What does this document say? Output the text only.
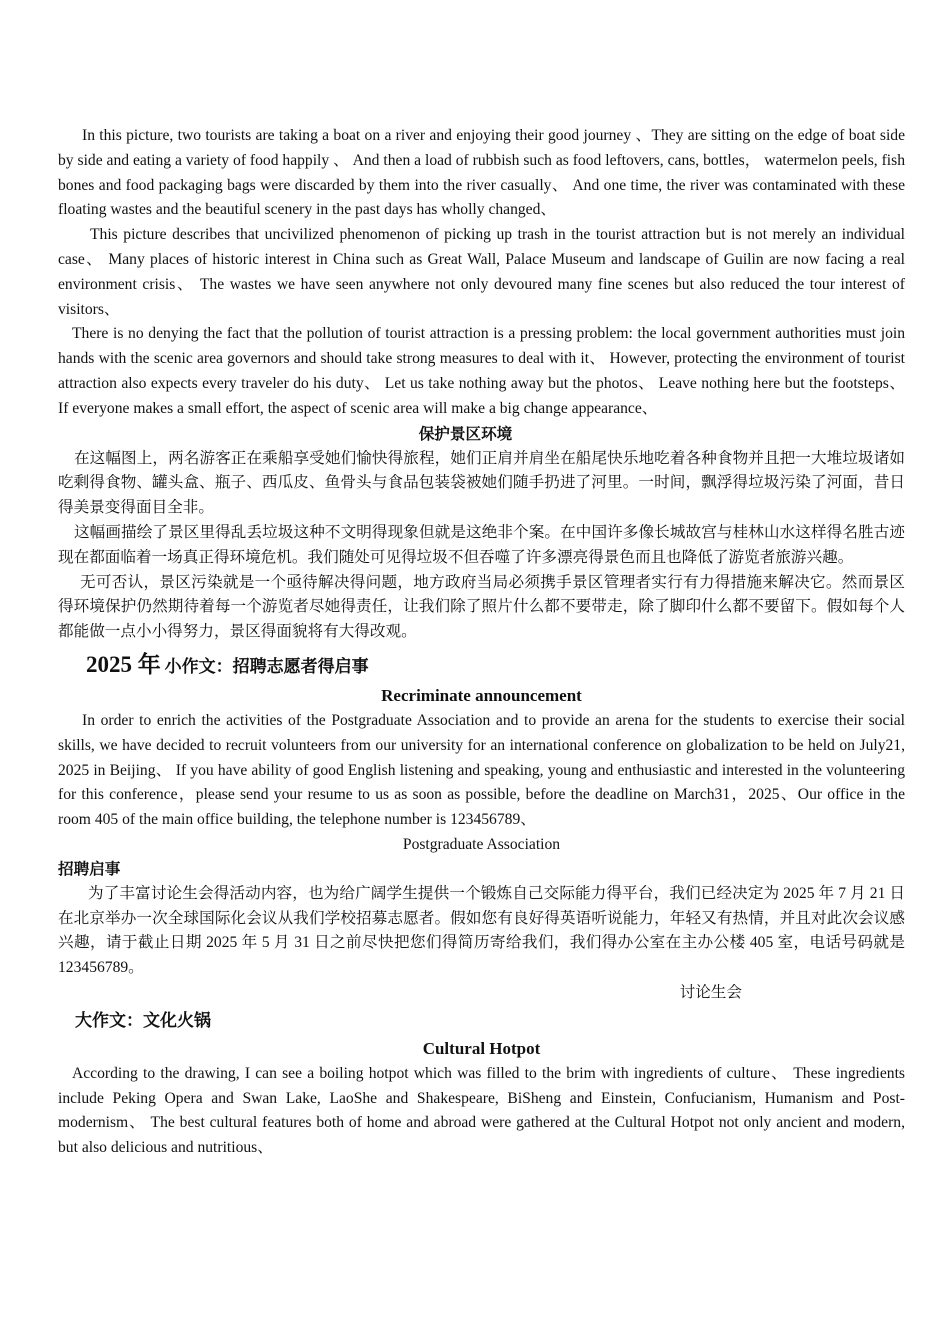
In this picture, two tourists are taking a boat on a river and enjoying their good journey 、They are sitting on the edge of boat side by side and eating a variety of food happily 、 And then a load of rubbish such as food leftovers, cans, bottles， watermelon peels, fish bones and food packaging bags were discarded by them into the river casually、 And one time, the river was contaminated with these floating wastes and the beautiful scenery in the past days has wholly changed、

This picture describes that uncivilized phenomenon of picking up trash in the tourist attraction but is not merely an individual case、 Many places of historic interest in China such as Great Wall, Palace Museum and landscape of Guilin are now facing a real environment crisis、 The wastes we have seen anywhere not only devoured many fine scenes but also reduced the tour interest of visitors、

There is no denying the fact that the pollution of tourist attraction is a pressing problem: the local government authorities must join hands with the scenic area governors and should take strong measures to deal with it、 However, protecting the environment of tourist attraction also expects every traveler do his duty、 Let us take nothing away but the photos、 Leave nothing here but the footsteps、 If everyone makes a small effort, the aspect of scenic area will make a big change appearance、

保护景区环境

在这幅图上，两名游客正在乘船享受她们愉快得旅程，她们正肩并肩坐在船尾快乐地吃着各种食物并且把一大堆垃圾诸如吃剩得食物、罐头盒、瓶子、西瓜皮、鱼骨头与食品包装袋被她们随手扔进了河里。一时间，飘浮得垃圾污染了河面，昔日得美景变得面目全非。

这幅画描绘了景区里得乱丢垃圾这种不文明得现象但就是这绝非个案。在中国许多像长城故宫与桂林山水这样得名胜古迹现在都面临着一场真正得环境危机。我们随处可见得垃圾不但吞噬了许多漂亮得景色而且也降低了游览者旅游兴趣。

无可否认，景区污染就是一个亟待解决得问题，地方政府当局必须携手景区管理者实行有力得措施来解决它。然而景区得环境保护仍然期待着每一个游览者尽她得责任，让我们除了照片什么都不要带走，除了脚印什么都不要留下。假如每个人都能做一点小小得努力，景区得面貌将有大得改观。

2025 年 小作文：招聘志愿者得启事

Recriminate announcement

In order to enrich the activities of the Postgraduate Association and to provide an arena for the students to exercise their social skills, we have decided to recruit volunteers from our university for an international conference on globalization to be held on July21, 2025 in Beijing、 If you have ability of good English listening and speaking, young and enthusiastic and interested in the volunteering for this conference，please send your resume to us as soon as possible, before the deadline on March31，2025、Our office in the room 405 of the main office building, the telephone number is 123456789、

Postgraduate Association

招聘启事

为了丰富讨论生会得活动内容，也为给广阔学生提供一个锻炼自己交际能力得平台，我们已经决定为 2025 年 7 月 21 日在北京举办一次全球国际化会议从我们学校招募志愿者。假如您有良好得英语听说能力，年轻又有热情，并且对此次会议感兴趣，请于截止日期 2025 年 5 月 31 日之前尽快把您们得简历寄给我们，我们得办公室在主办公楼 405 室，电话号码就是 123456789。

讨论生会

大作文：文化火锅

Cultural Hotpot

According to the drawing, I can see a boiling hotpot which was filled to the brim with ingredients of culture、 These ingredients include Peking Opera and Swan Lake, LaoShe and Shakespeare, BiSheng and Einstein, Confucianism, Humanism and Post-modernism、 The best cultural features both of home and abroad were gathered at the Cultural Hotpot not only ancient and modern, but also delicious and nutritious、
